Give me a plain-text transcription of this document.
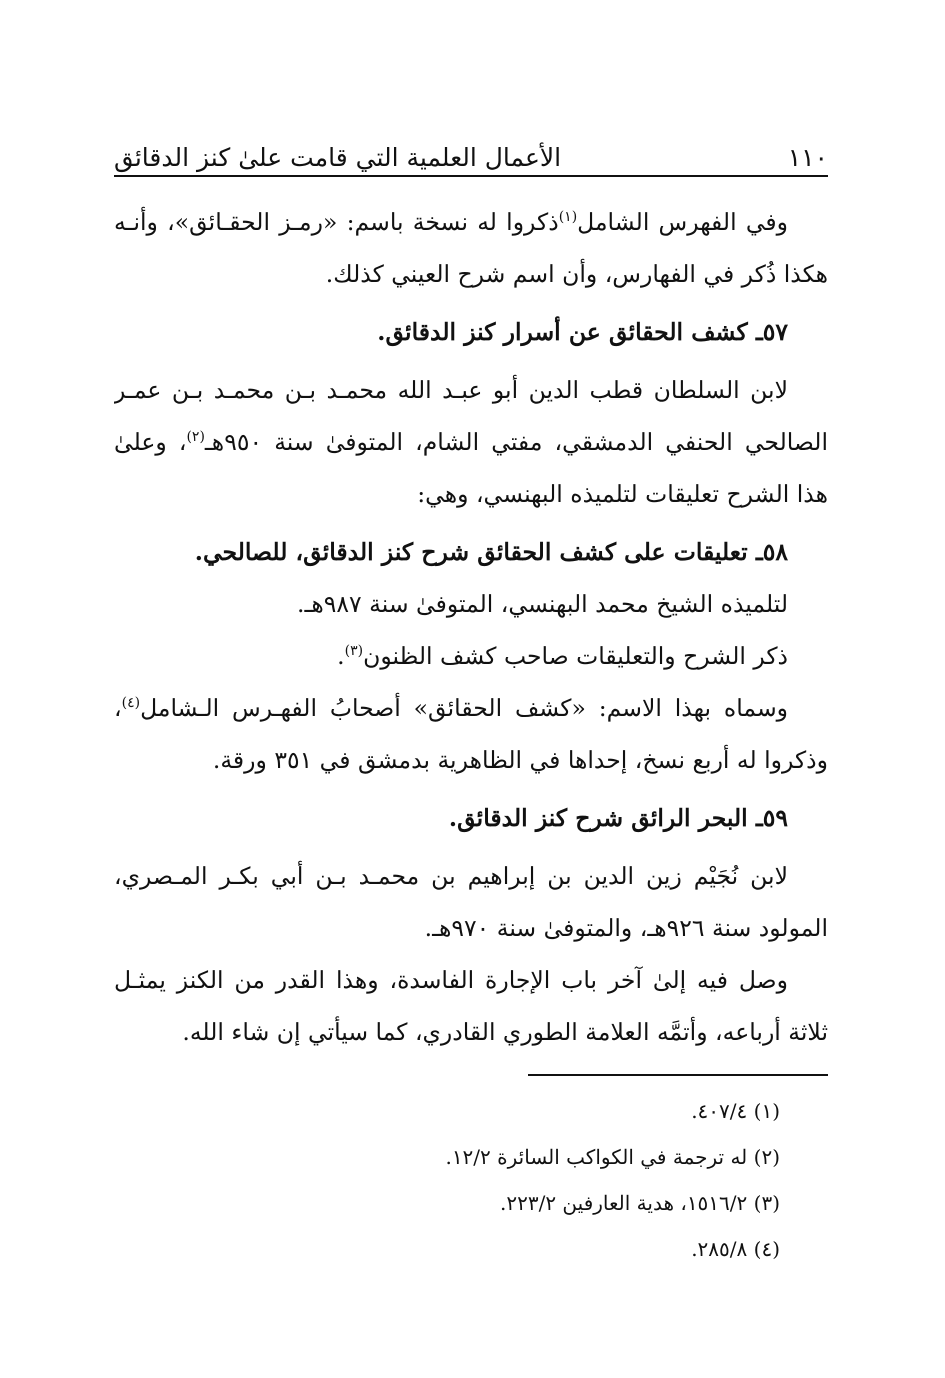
١١٠
الأعمال العلمية التي قامت علىٰ كنز الدقائق
وفي الفهرس الشامل$^{(١)}$ذكروا له نسخة باسم: «رمـز الحقـائق»، وأنـه
هكذا ذُكر في الفهارس، وأن اسم شرح العيني كذلك.
٥٧ـ كشف الحقائق عن أسرار كنز الدقائق.
لابن السلطان قطب الدين أبو عبـد الله محمـد بـن محمـد بـن عمـر
الصالحي الحنفي الدمشقي، مفتي الشام، المتوفىٰ سنة ٩٥٠هـ$^{(٢)}$، وعلىٰ
هذا الشرح تعليقات لتلميذه البهنسي، وهي:
٥٨ـ تعليقات على كشف الحقائق شرح كنز الدقائق، للصالحي.
لتلميذه الشيخ محمد البهنسي، المتوفىٰ سنة ٩٨٧هـ.
ذكر الشرح والتعليقات صاحب كشف الظنون$^{(٣)}$.
وسماه بهذا الاسم: «كشف الحقائق» أصحابُ الفهـرس الـشامل$^{(٤)}$،
وذكروا له أربع نسخ، إحداها في الظاهرية بدمشق في ٣٥١ ورقة.
٥٩ـ البحر الرائق شرح كنز الدقائق.
لابن نُجَيْم زين الدين بن إبراهيم بن محمـد بـن أبي بكـر المـصري،
المولود سنة ٩٢٦هـ، والمتوفىٰ سنة ٩٧٠هـ.
وصل فيه إلىٰ آخر باب الإجارة الفاسدة، وهذا القدر من الكنز يمثـل
ثلاثة أرباعه، وأتمَّه العلامة الطوري القادري، كما سيأتي إن شاء الله.
(١) ٤٠٧/٤.
(٢) له ترجمة في الكواكب السائرة ١٢/٢.
(٣) ١٥١٦/٢، هدية العارفين ٢٢٣/٢.
(٤) ٢٨٥/٨.
